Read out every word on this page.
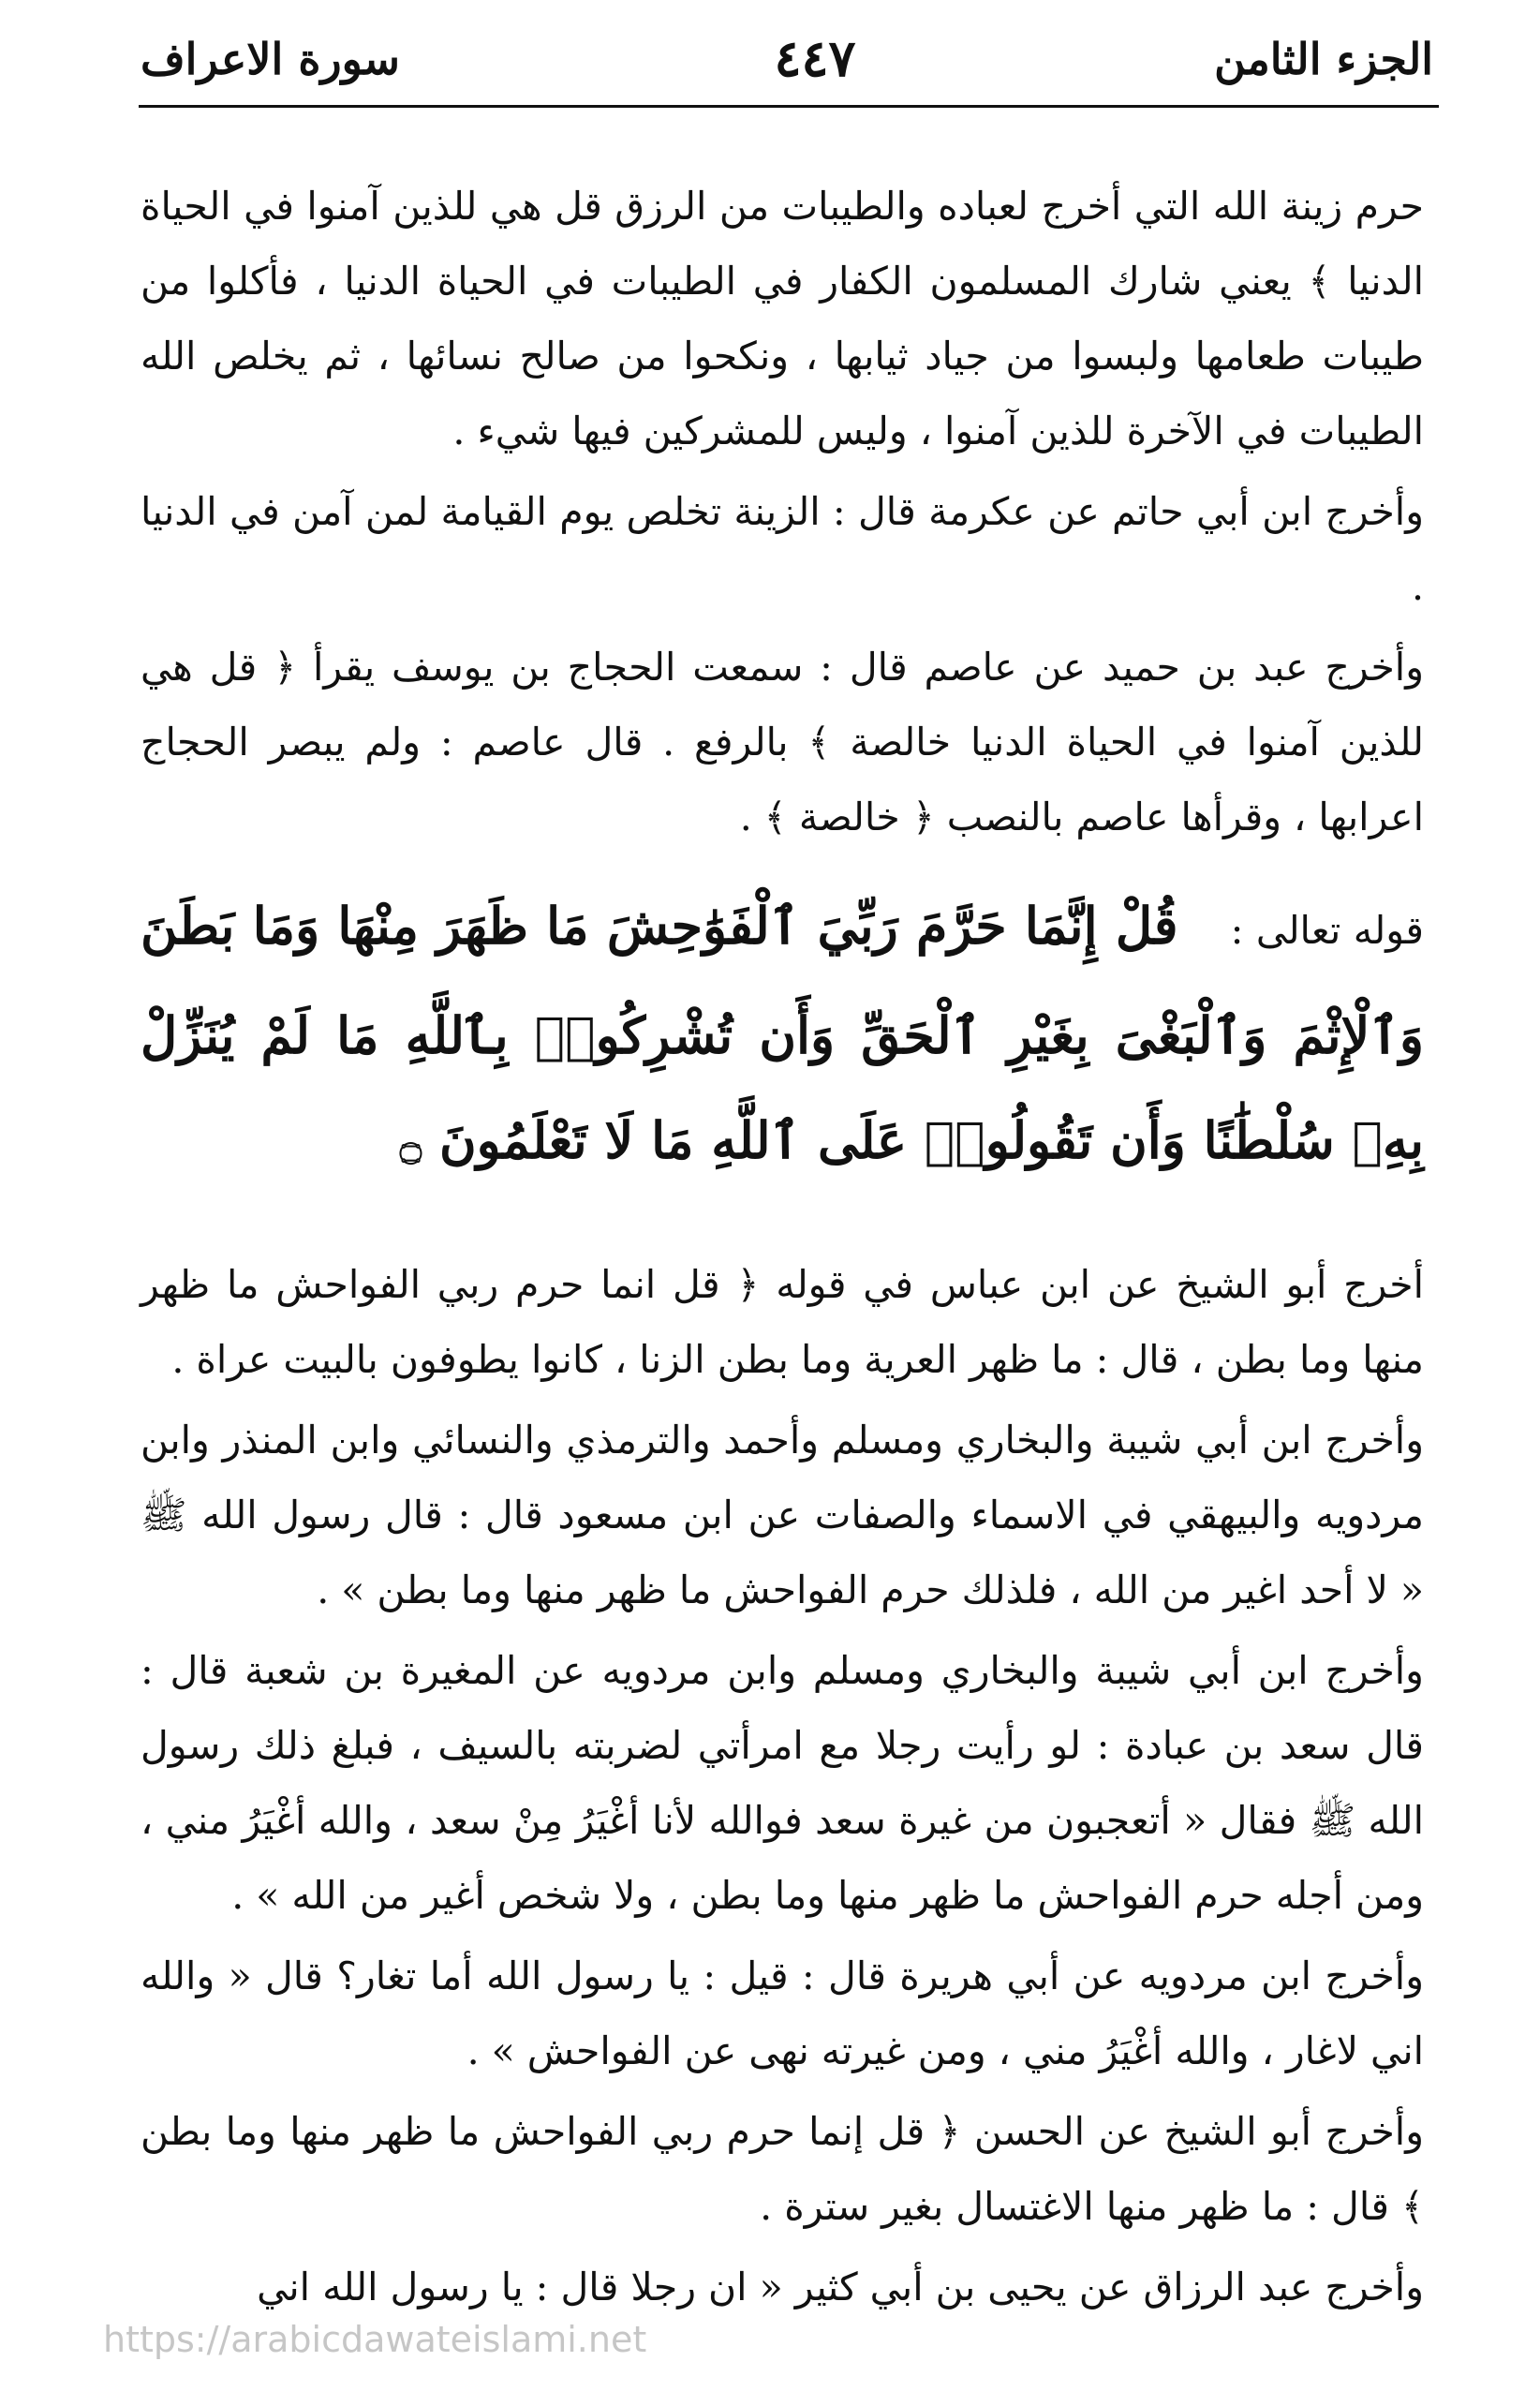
الجزء الثامن
٤٤٧
سورة الاعراف

حرم زينة الله التي أخرج لعباده والطيبات من الرزق قل هي للذين آمنوا في الحياة الدنيا ﴾ يعني شارك المسلمون الكفار في الطيبات في الحياة الدنيا ، فأكلوا من طيبات طعامها ولبسوا من جياد ثيابها ، ونكحوا من صالح نسائها ، ثم يخلص الله الطيبات في الآخرة للذين آمنوا ، وليس للمشركين فيها شيء .

وأخرج ابن أبي حاتم عن عكرمة قال : الزينة تخلص يوم القيامة لمن آمن في الدنيا .

وأخرج عبد بن حميد عن عاصم قال : سمعت الحجاج بن يوسف يقرأ ﴿ قل هي للذين آمنوا في الحياة الدنيا خالصة ﴾ بالرفع . قال عاصم : ولم يبصر الحجاج اعرابها ، وقرأها عاصم بالنصب ﴿ خالصة ﴾ .

قوله تعالى :قُلْ إِنَّمَا حَرَّمَ رَبِّيَ ٱلْفَوَٰحِشَ مَا ظَهَرَ مِنْهَا وَمَا بَطَنَ وَٱلْإِثْمَ وَٱلْبَغْىَ بِغَيْرِ ٱلْحَقِّ وَأَن تُشْرِكُوا۟ بِٱللَّهِ مَا لَمْ يُنَزِّلْ بِهِۦ سُلْطَٰنًا وَأَن تَقُولُوا۟ عَلَى ٱللَّهِ مَا لَا تَعْلَمُونَ ۝

أخرج أبو الشيخ عن ابن عباس في قوله ﴿ قل انما حرم ربي الفواحش ما ظهر منها وما بطن ، قال : ما ظهر العرية وما بطن الزنا ، كانوا يطوفون بالبيت عراة .

وأخرج ابن أبي شيبة والبخاري ومسلم وأحمد والترمذي والنسائي وابن المنذر وابن مردويه والبيهقي في الاسماء والصفات عن ابن مسعود قال : قال رسول الله ﷺ « لا أحد اغير من الله ، فلذلك حرم الفواحش ما ظهر منها وما بطن » .

وأخرج ابن أبي شيبة والبخاري ومسلم وابن مردويه عن المغيرة بن شعبة قال : قال سعد بن عبادة : لو رأيت رجلا مع امرأتي لضربته بالسيف ، فبلغ ذلك رسول الله ﷺ فقال « أتعجبون من غيرة سعد فوالله لأنا أغْيَرُ مِنْ سعد ، والله أغْيَرُ مني ، ومن أجله حرم الفواحش ما ظهر منها وما بطن ، ولا شخص أغير من الله » .

وأخرج ابن مردويه عن أبي هريرة قال : قيل : يا رسول الله أما تغار؟ قال « والله اني لاغار ، والله أغْيَرُ مني ، ومن غيرته نهى عن الفواحش » .

وأخرج أبو الشيخ عن الحسن ﴿ قل إنما حرم ربي الفواحش ما ظهر منها وما بطن ﴾ قال : ما ظهر منها الاغتسال بغير سترة .

وأخرج عبد الرزاق عن يحيى بن أبي كثير « ان رجلا قال : يا رسول الله اني

https://arabicdawateislami.net
